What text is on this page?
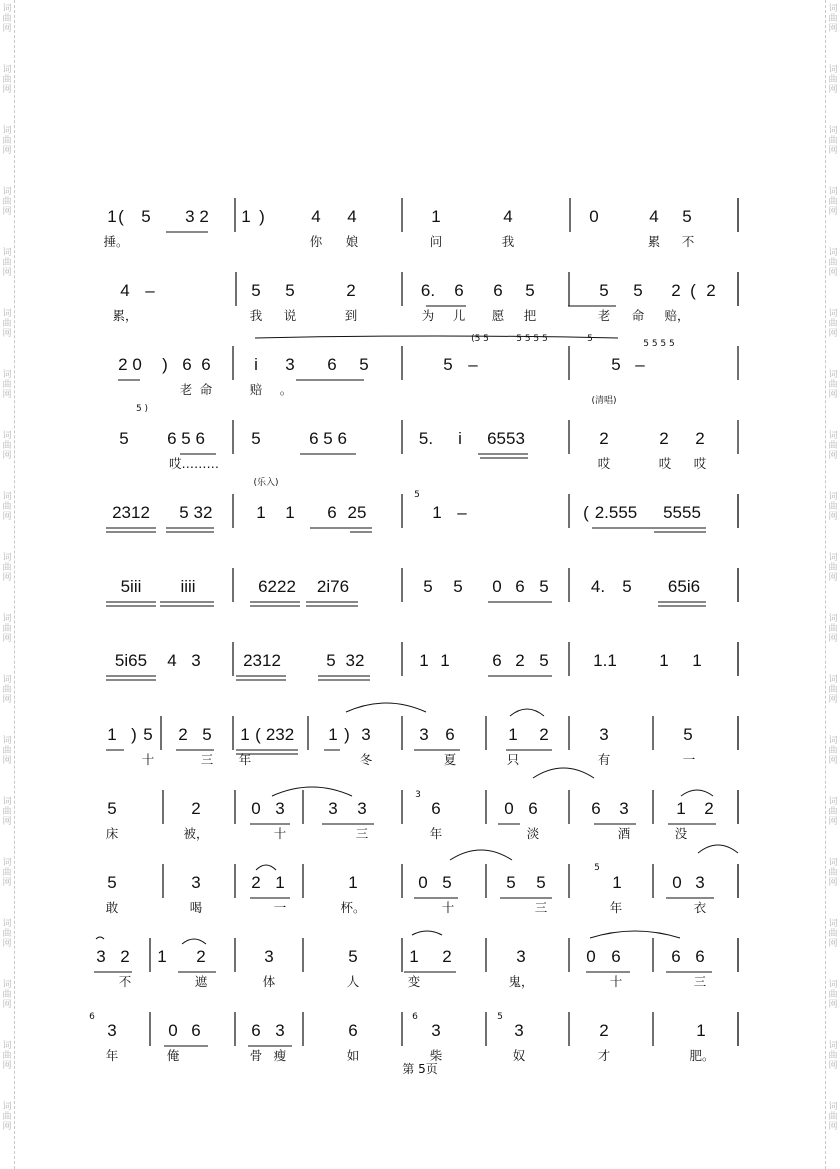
1 ( 5 3 2 1 )	4 4	1	4	0	4 5
捶。	你 娘	问	我	累 不
4 –	5 5	2	6. 6 6 5	5 5 2 ( 2
累，	我 说	到	为 儿 愿 把	老 命 赔，
2 0 ) 6 6	i 3 6 5	5 –	5 –
老 命	赔 。
(5 5	5 5 5 5	5	5 5 5 5
5 6 5 6	5	6 5 6	5. i 6553	2	2 2
哎………	哎	哎 哎
5 )
(清唱)
2312 5 32	1 1 6 25	1 –	( 2.555 5555
(乐入)
5
5iii iiii	6222 2i76	5 5 0 6 5 4. 5 65i6
5i65 4 3 2312	5 32	1 1	6 2 5	1.1 1 1
1 ) 5 2 5 1 ( 232 1 ) 3	3 6	1 2	3	5
十	三 年	冬	夏	只	有	一
5	2	0 3	3 3	6	0 6	6 3	1 2
床	被，	十	三	年	淡	酒	没
3
5	3	2 1	1	0 5	5 5	1	0 3
敢	喝	一	杯。	十	三	年	衣
5
3 2 1 2	3	5	1 2	3	0 6	6 6
不	遮	体	人	变	鬼，	十	三
3	0 6	6 3	6	3	3	2	1
年	俺	骨 瘦	如	柴	奴	才	肥。
6	6	5
第 5页
词
曲
网
词
曲
网
词
曲
网
词
曲
网
词
曲
网
词
曲
网
词
曲
网
词
曲
网
词
曲
网
词
曲
网
词
曲
网
词
曲
网
词
曲
网
词
曲
网
词
曲
网
词
曲
网
词
曲
网
词
曲
网
词
曲
网
词
曲
网
词
曲
网
词
曲
网
词
曲
网
词
曲
网
词
曲
网
词
曲
网
词
曲
网
词
曲
网
词
曲
网
词
曲
网
词
曲
网
词
曲
网
词
曲
网
词
曲
网
词
曲
网
词
曲
网
词
曲
网
词
曲
网
